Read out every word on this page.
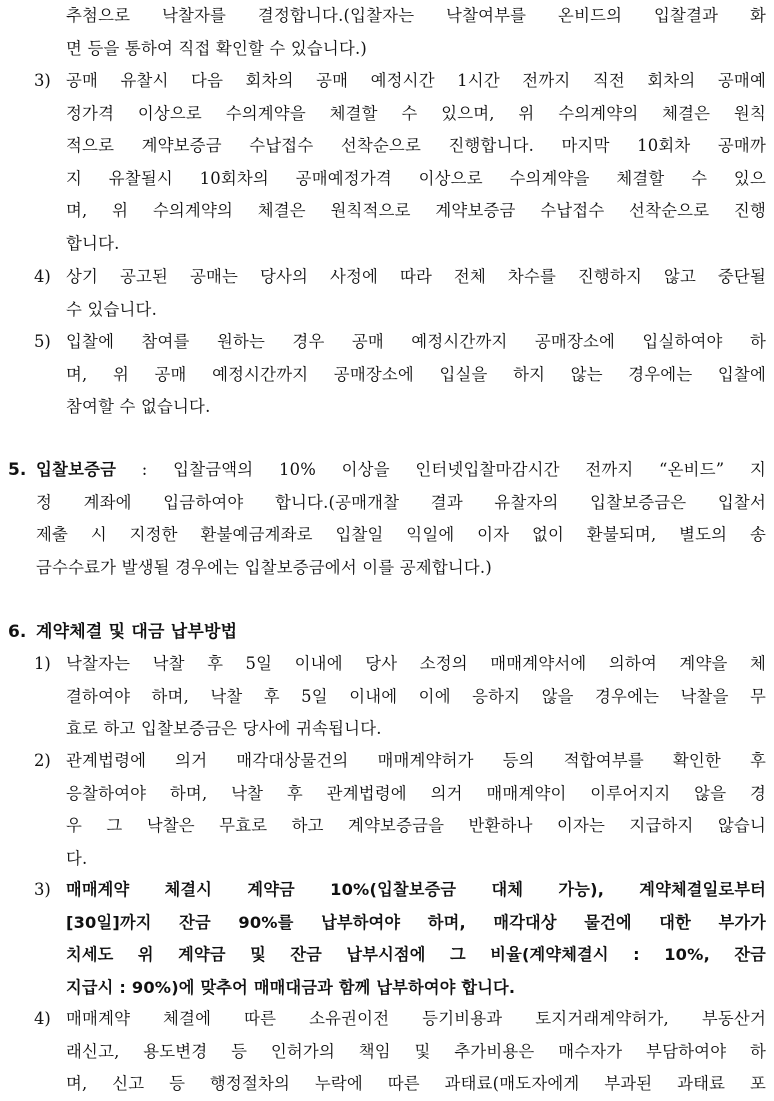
추첨으로 낙찰자를 결정합니다.(입찰자는 낙찰여부를 온비드의 입찰결과 화
면 등을 통하여 직접 확인할 수 있습니다.)
3) 공매 유찰시 다음 회차의 공매 예정시간 1시간 전까지 직전 회차의 공매예
정가격 이상으로 수의계약을 체결할 수 있으며, 위 수의계약의 체결은 원칙
적으로 계약보증금 수납접수 선착순으로 진행합니다. 마지막 10회차 공매까
지 유찰될시 10회차의 공매예정가격 이상으로 수의계약을 체결할 수 있으
며, 위 수의계약의 체결은 원칙적으로 계약보증금 수납접수 선착순으로 진행
합니다.
4) 상기 공고된 공매는 당사의 사정에 따라 전체 차수를 진행하지 않고 중단될
수 있습니다.
5) 입찰에 참여를 원하는 경우 공매 예정시간까지 공매장소에 입실하여야 하
며, 위 공매 예정시간까지 공매장소에 입실을 하지 않는 경우에는 입찰에
참여할 수 없습니다.
5. 입찰보증금 : 입찰금액의 10% 이상을 인터넷입찰마감시간 전까지 “온비드” 지
정 계좌에 입금하여야 합니다.(공매개찰 결과 유찰자의 입찰보증금은 입찰서
제출 시 지정한 환불예금계좌로 입찰일 익일에 이자 없이 환불되며, 별도의 송
금수수료가 발생될 경우에는 입찰보증금에서 이를 공제합니다.)
6. 계약체결 및 대금 납부방법
1) 낙찰자는 낙찰 후 5일 이내에 당사 소정의 매매계약서에 의하여 계약을 체
결하여야 하며, 낙찰 후 5일 이내에 이에 응하지 않을 경우에는 낙찰을 무
효로 하고 입찰보증금은 당사에 귀속됩니다.
2) 관계법령에 의거 매각대상물건의 매매계약허가 등의 적합여부를 확인한 후
응찰하여야 하며, 낙찰 후 관계법령에 의거 매매계약이 이루어지지 않을 경
우 그 낙찰은 무효로 하고 계약보증금을 반환하나 이자는 지급하지 않습니
다.
3) 매매계약 체결시 계약금 10%(입찰보증금 대체 가능), 계약체결일로부터
[30일]까지 잔금 90%를 납부하여야 하며, 매각대상 물건에 대한 부가가
치세도 위 계약금 및 잔금 납부시점에 그 비율(계약체결시 : 10%, 잔금
지급시 : 90%)에 맞추어 매매대금과 함께 납부하여야 합니다.
4) 매매계약 체결에 따른 소유권이전 등기비용과 토지거래계약허가, 부동산거
래신고, 용도변경 등 인허가의 책임 및 추가비용은 매수자가 부담하여야 하
며, 신고 등 행정절차의 누락에 따른 과태료(매도자에게 부과된 과태료 포
